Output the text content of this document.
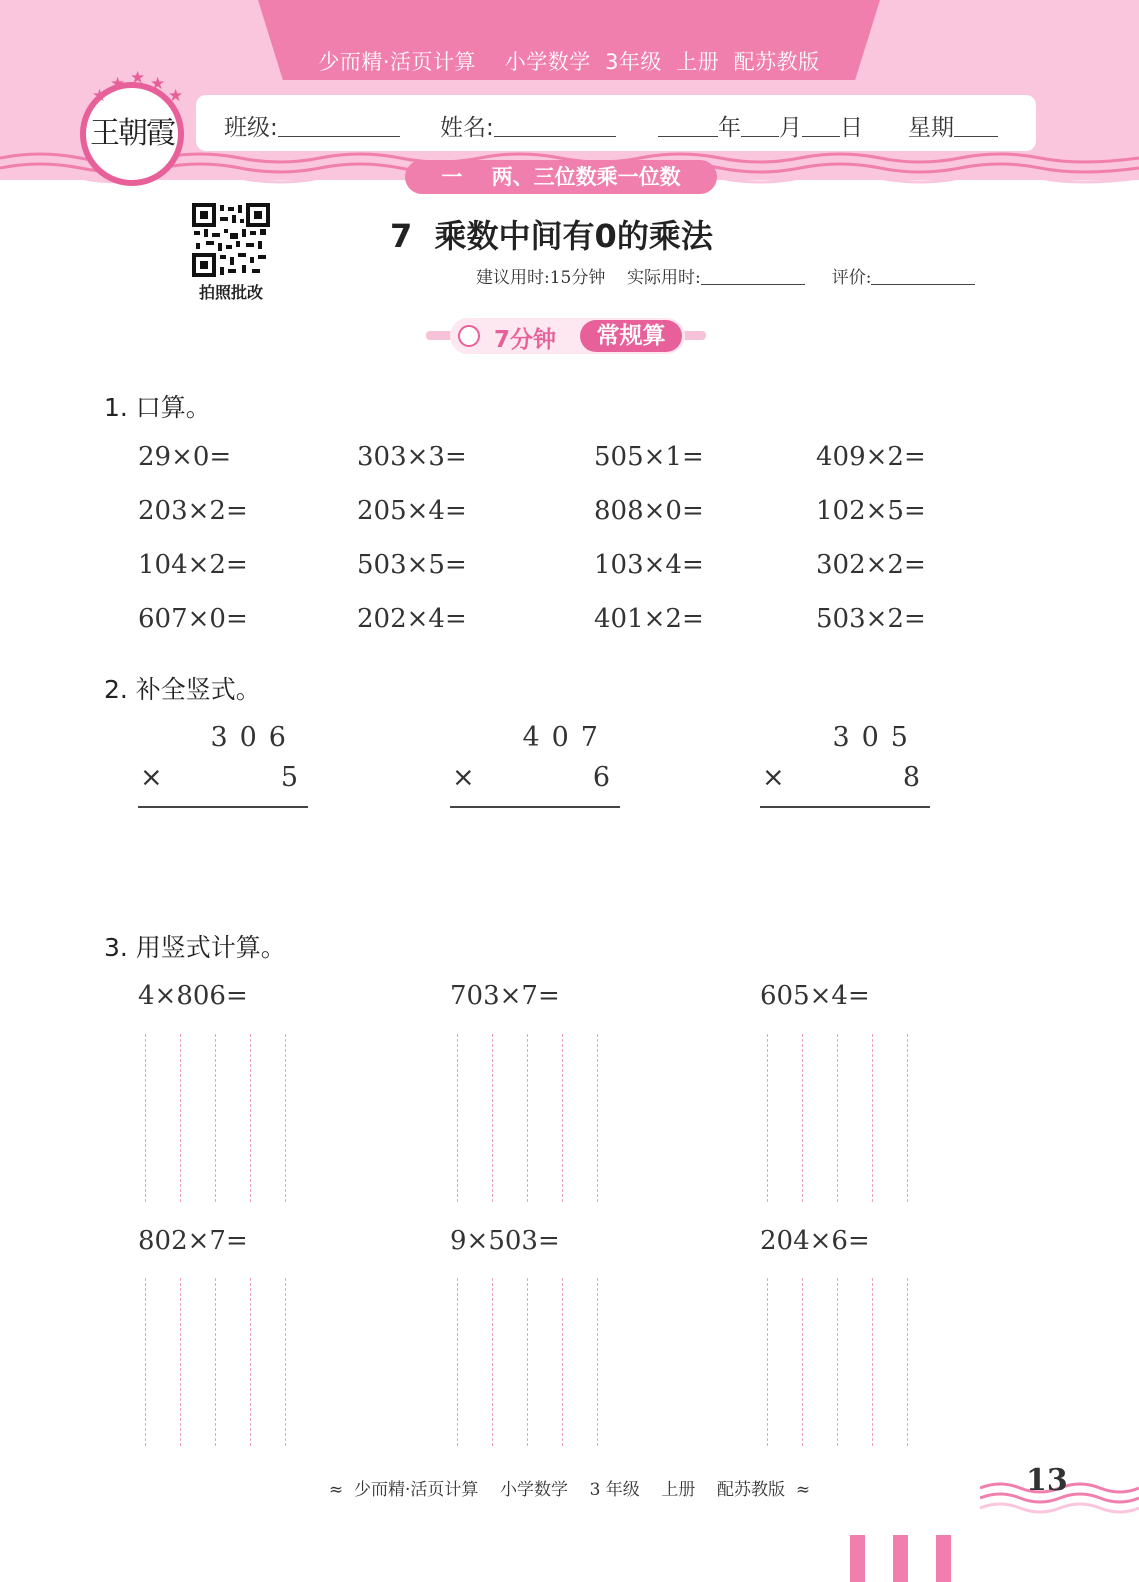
少而精·活页计算    小学数学  3年级  上册  配苏教版
班级:	姓名:	年 月 日 星期
★
★ ★ ★
★
王朝霞
一    两、三位数乘一位数
拍照批改
7  乘数中间有0的乘法
建议用时:15分钟 实际用时:	评价:
7分钟	常规算
1. 口算。
29×0=	303×3=	505×1=	409×2=
203×2=	205×4=	808×0=	102×5=
104×2=	503×5=	103×4=	302×2=
607×0=	202×4=	401×2=	503×2=
2. 补全竖式。
306
×	5
407
×	6
305
×	8
3. 用竖式计算。
4×806=	703×7=	605×4=
802×7=	9×503=	204×6=
≈  少而精·活页计算    小学数学    3 年级    上册    配苏教版  ≈	13
